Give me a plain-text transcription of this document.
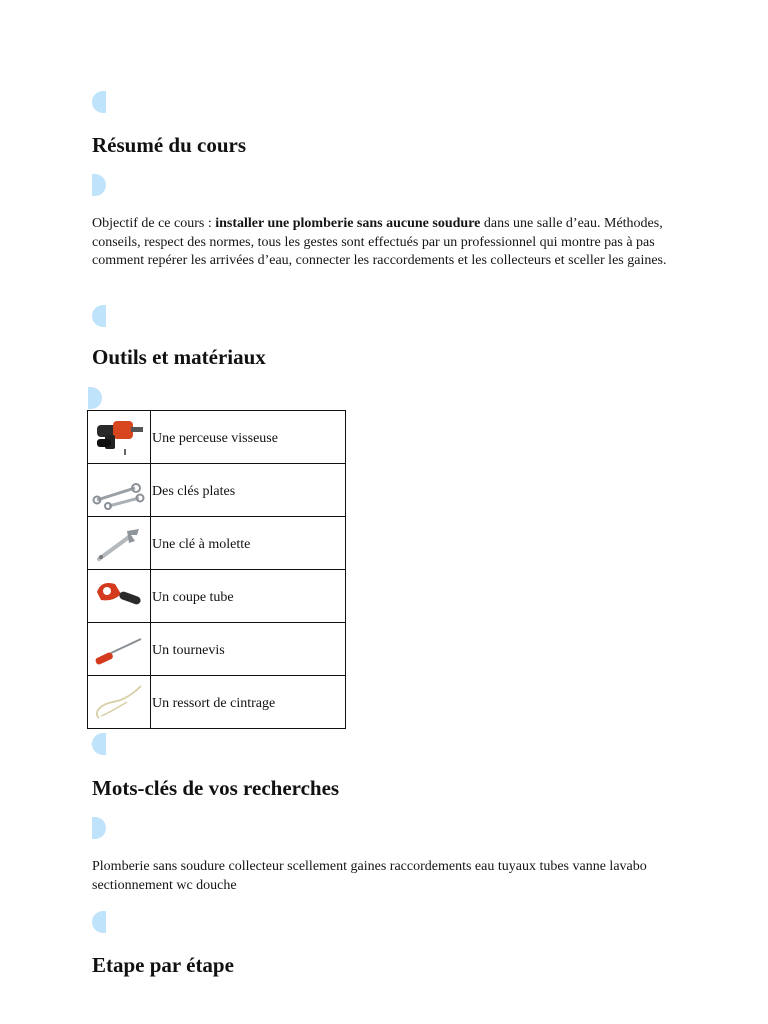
Résumé du cours
Objectif de ce cours : installer une plomberie sans aucune soudure dans une salle d’eau. Méthodes, conseils, respect des normes, tous les gestes sont effectués par un professionnel qui montre pas à pas comment repérer les arrivées d’eau, connecter les raccordements et les collecteurs et sceller les gaines.
Outils et matériaux
	Une perceuse visseuse

	Des clés plates

	Une clé à molette

	Un coupe tube

	Un tournevis

	Un ressort de cintrage
Mots-clés de vos recherches
Plomberie sans soudure collecteur scellement gaines raccordements eau tuyaux tubes vanne lavabo sectionnement wc douche
Etape par étape
